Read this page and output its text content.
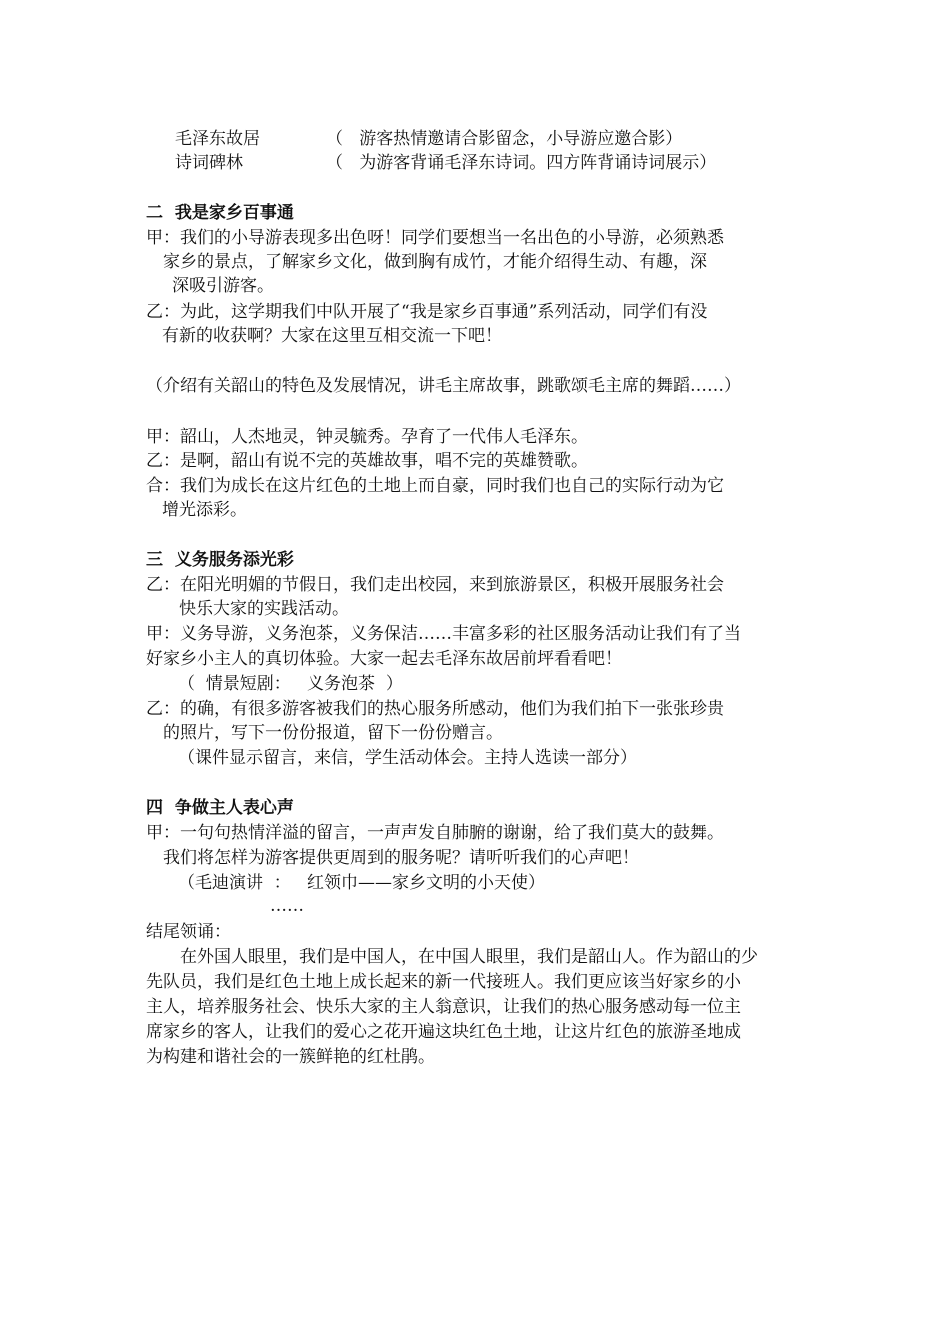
毛泽东故居	（   游客热情邀请合影留念，小导游应邀合影）
诗词碑林	（   为游客背诵毛泽东诗词。四方阵背诵诗词展示）
二  我是家乡百事通
甲：我们的小导游表现多出色呀！同学们要想当一名出色的小导游，必须熟悉
家乡的景点，了解家乡文化，做到胸有成竹，才能介绍得生动、有趣，深
深吸引游客。
乙：为此，这学期我们中队开展了“我是家乡百事通”系列活动，同学们有没
有新的收获啊？大家在这里互相交流一下吧！
（介绍有关韶山的特色及发展情况，讲毛主席故事，跳歌颂毛主席的舞蹈……）
甲：韶山，人杰地灵，钟灵毓秀。孕育了一代伟人毛泽东。
乙：是啊，韶山有说不完的英雄故事，唱不完的英雄赞歌。
合：我们为成长在这片红色的土地上而自豪，同时我们也自己的实际行动为它
增光添彩。
三  义务服务添光彩
乙：在阳光明媚的节假日，我们走出校园，来到旅游景区，积极开展服务社会
快乐大家的实践活动。
甲：义务导游，义务泡茶，义务保洁……丰富多彩的社区服务活动让我们有了当
好家乡小主人的真切体验。大家一起去毛泽东故居前坪看看吧！
（  情景短剧：   义务泡茶  ）
乙：的确，有很多游客被我们的热心服务所感动，他们为我们拍下一张张珍贵
的照片，写下一份份报道，留下一份份赠言。
（课件显示留言，来信，学生活动体会。主持人选读一部分）
四  争做主人表心声
甲：一句句热情洋溢的留言，一声声发自肺腑的谢谢，给了我们莫大的鼓舞。
我们将怎样为游客提供更周到的服务呢？请听听我们的心声吧！
（毛迪演讲  ：   红领巾——家乡文明的小天使）
……
结尾领诵：
在外国人眼里，我们是中国人，在中国人眼里，我们是韶山人。作为韶山的少
先队员，我们是红色土地上成长起来的新一代接班人。我们更应该当好家乡的小
主人，培养服务社会、快乐大家的主人翁意识，让我们的热心服务感动每一位主
席家乡的客人，让我们的爱心之花开遍这块红色土地，让这片红色的旅游圣地成
为构建和谐社会的一簇鲜艳的红杜鹃。
